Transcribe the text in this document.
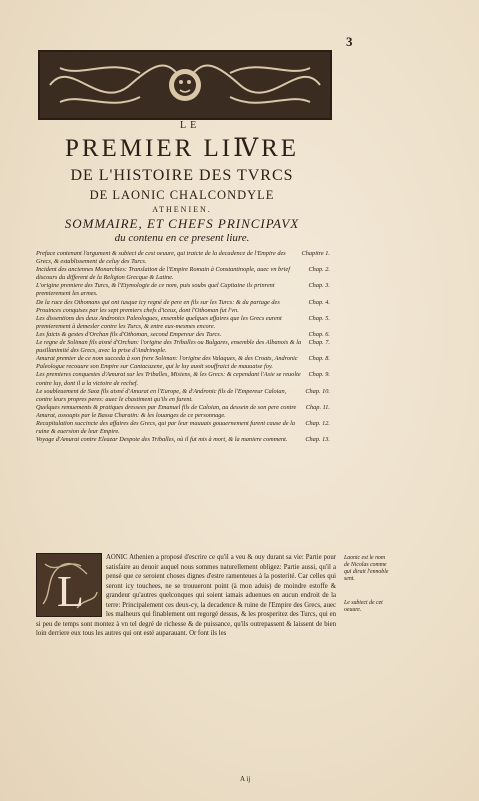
3
LE
PREMIER LIⅣRE
DE L'HISTOIRE DES TVRCS
DE LAONIC CHALCONDYLE
ATHENIEN.
SOMMAIRE, ET CHEFS PRINCIPAVX
du contenu en ce present liure.
Chapitre 1.
Preface contenant l'argument & subiect de cest oeuure, qui traicte de la decadence de l'Empire des Grecs, & establissement de celuy des Turcs.
Chap. 2.
Incident des anciennes Monarchies: Translation de l'Empire Romain à Constantinople, auec vn brief discours du different de la Religion Grecque & Latine.
Chap. 3.
L'origine premiere des Turcs, & l'Etymologie de ce nom, puis soubs quel Capitaine ils prinrent premierement les armes.
Chap. 4.
De la race des Othomans qui ont iusque icy regné de pere en fils sur les Turcs: & du partage des Prouinces conquises par les sept premiers chefs d'iceux, dont l'Othoman fut l'vn.
Chap. 5.
Les dissentions des deux Andronics Paleologues, ensemble quelques affaires que les Grecs eurent premierement à demesler contre les Turcs, & entre eux-mesmes encore.
Chap. 6.
Les faicts & gestes d'Orchan fils d'Othoman, second Empereur des Turcs.
Chap. 7.
Le regne de Soliman fils aisné d'Orchan: l'origine des Triballes ou Bulgares, ensemble des Albanois & la pusillanimité des Grecs, avec la prise d'Andrinople.
Chap. 8.
Amurat premier de ce nom succeda à son frere Soliman: l'origine des Valaques, & des Croats, Andronic Paleologue recouure son Empire sur Cantacuzene, qui le luy auoit souffraict de mauuaise foy.
Chap. 9.
Les premieres conquestes d'Amurat sur les Triballes, Misiens, & les Grecs: & cependant l'Asie se reuolte contre luy, dont il a la victoire de rechef.
Chap. 10.
Le soubleuement de Saoz fils aisné d'Amurat en l'Europe, & d'Andronic fils de l'Empereur Caloian, contre leurs propres peres: auec le chastiment qu'ils en furent.
Chap. 11.
Quelques remuements & pratiques dressees par Emanuel fils de Caloian, au dessein de son pere contre Amurat, assoupis par le Bassa Charatin: & les louanges de ce personnage.
Chap. 12.
Recapitulation succincte des affaires des Grecs, qui par leur mauuais gouuernement furent cause de la ruine & euersion de leur Empire.
Chap. 13.
Voyage d'Amurat contre Eleazar Despote des Triballes, où il fut mis à mort, & la maniere comment.
L
AONIC Athenien a proposé d'escrire ce qu'il a veu & ouy durant sa vie: Partie pour satisfaire au deuoir auquel nous sommes naturellement obligez: Partie aussi, qu'il a pensé que ce seroient choses dignes d'estre ramenteues à la posterité. Car celles qui seront icy touchees, ne se trouueront point (à mon aduis) de moindre estoffe & grandeur qu'autres quelconques qui soient iamais aduenues en aucun endroit de la terre: Principalement ces deux-cy, la decadence & ruine de l'Empire des Grecs, auec les malheurs qui finablement ont regorgé dessus, & les prosperitez des Turcs, qui en si peu de temps sont montez à vn tel degré de richesse & de puissance, qu'ils outrepassent & laissent de bien loin derriere eux tous les autres qui ont esté auparauant. Or font ils les
Laonic est le nom de Nicolas comme qui dirait l'ennoble sent.
Le subiect de cet oeuure.
A ij
